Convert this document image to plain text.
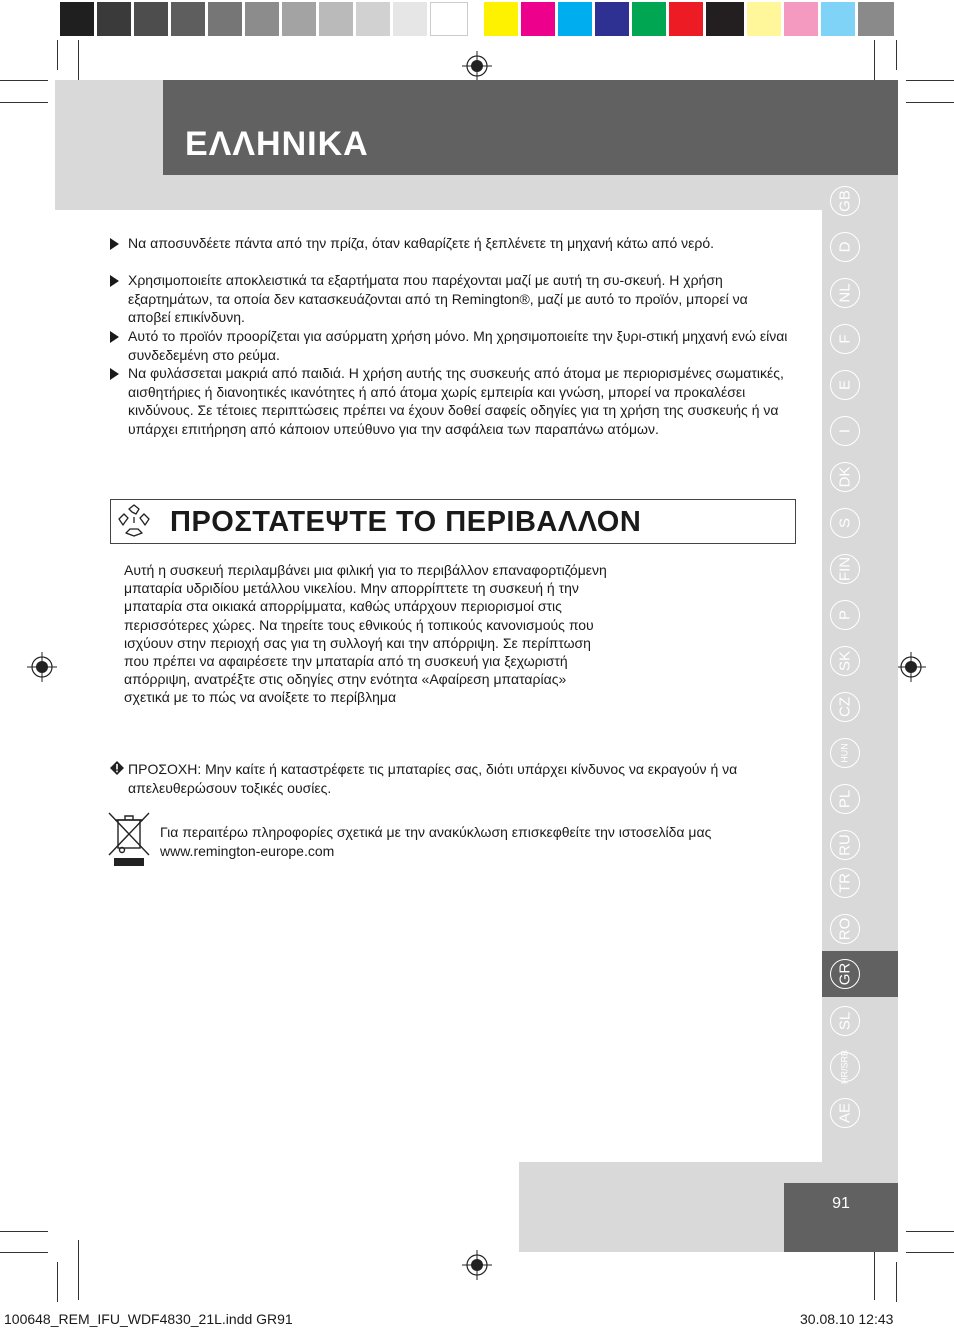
ΕΛΛΗΝΙΚΑ
91
GB
D
NL
F
E
I
DK
S
FIN
P
SK
CZ
HUN
PL
RU
TR
RO
GR
SL
HR/SRB
AE
Να αποσυνδέετε πάντα από την πρίζα, όταν καθαρίζετε ή ξεπλένετε τη μηχανή κάτω από νερό.
Χρησιμοποιείτε αποκλειστικά τα εξαρτήματα που παρέχονται μαζί με αυτή τη συ-σκευή. Η χρήση εξαρτημάτων, τα οποία δεν κατασκευάζονται από τη Remington®, μαζί με αυτό το προϊόν, μπορεί να αποβεί επικίνδυνη.
Αυτό το προϊόν προορίζεται για ασύρματη χρήση μόνο. Μη χρησιμοποιείτε την ξυρι-στική μηχανή ενώ είναι συνδεδεμένη στο ρεύμα.
Να φυλάσσεται μακριά από παιδιά. Η χρήση αυτής της συσκευής από άτομα με περιορισμένες σωματικές, αισθητήριες ή διανοητικές ικανότητες ή από άτομα χωρίς εμπειρία και γνώση, μπορεί να προκαλέσει κινδύνους. Σε τέτοιες περιπτώσεις πρέπει να έχουν δοθεί σαφείς οδηγίες για τη χρήση της συσκευής ή να υπάρχει επιτήρηση από κάποιον υπεύθυνο για την ασφάλεια των παραπάνω ατόμων.
ΠΡΟΣΤΑΤΕΨΤΕ ΤΟ ΠΕΡΙΒΑΛΛΟΝ
Αυτή η συσκευή περιλαμβάνει μια φιλική για το περιβάλλον επαναφορτιζόμενη
μπαταρία υδριδίου μετάλλου νικελίου. Μην απορρίπτετε τη συσκευή ή την
μπαταρία στα οικιακά απορρίμματα, καθώς υπάρχουν περιορισμοί στις
περισσότερες χώρες. Να τηρείτε τους εθνικούς ή τοπικούς κανονισμούς που
ισχύουν στην περιοχή σας για τη συλλογή και την απόρριψη. Σε περίπτωση
που πρέπει να αφαιρέσετε την μπαταρία από τη συσκευή για ξεχωριστή
απόρριψη, ανατρέξτε στις οδηγίες στην ενότητα «Αφαίρεση μπαταρίας»
σχετικά με το πώς να ανοίξετε το περίβλημα
ΠΡΟΣΟΧΗ: Μην καίτε ή καταστρέφετε τις μπαταρίες σας, διότι υπάρχει κίνδυνος να εκραγούν ή να απελευθερώσουν τοξικές ουσίες.
Για περαιτέρω πληροφορίες σχετικά με την ανακύκλωση επισκεφθείτε την ιστοσελίδα μας www.remington-europe.com
100648_REM_IFU_WDF4830_21L.indd GR91	30.08.10 12:43
